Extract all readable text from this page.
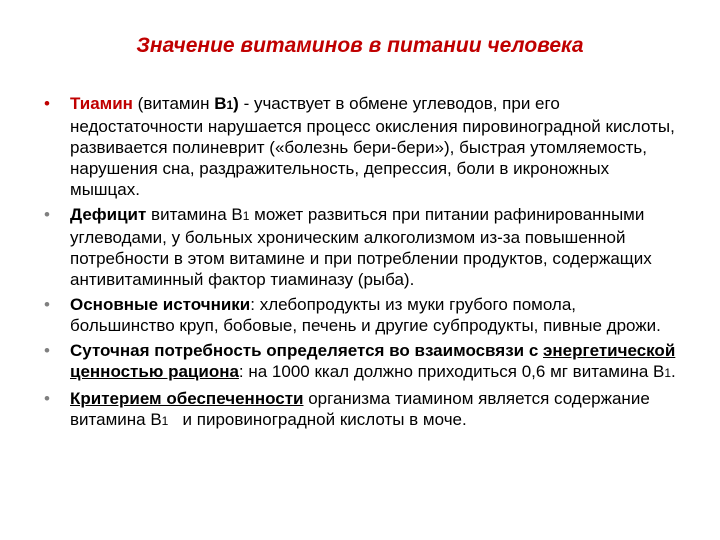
Значение витаминов в питании человека
• Тиамин (витамин В1) - участвует в обмене углеводов, при его недостаточности нарушается процесс окисления пировиноградной кислоты, развивается полиневрит («болезнь бери-бери»), быстрая утомляемость, нарушения сна, раздражительность, депрессия, боли в икроножных мышцах.
• Дефицит витамина В1 может развиться при питании рафинированными углеводами, у больных хроническим алкоголизмом из-за повышенной потребности в этом витамине и при потреблении продуктов, содержащих антивитаминный фактор тиаминазу (рыба).
• Основные источники: хлебопродукты из муки грубого помола, большинство круп, бобовые, печень и другие субпродукты, пивные дрожи.
• Суточная потребность определяется во взаимосвязи с энергетической ценностью рациона: на 1000 ккал должно приходиться 0,6 мг витамина В1.
• Критерием обеспеченности организма тиамином является содержание витамина В1   и пировиноградной кислоты в моче.
